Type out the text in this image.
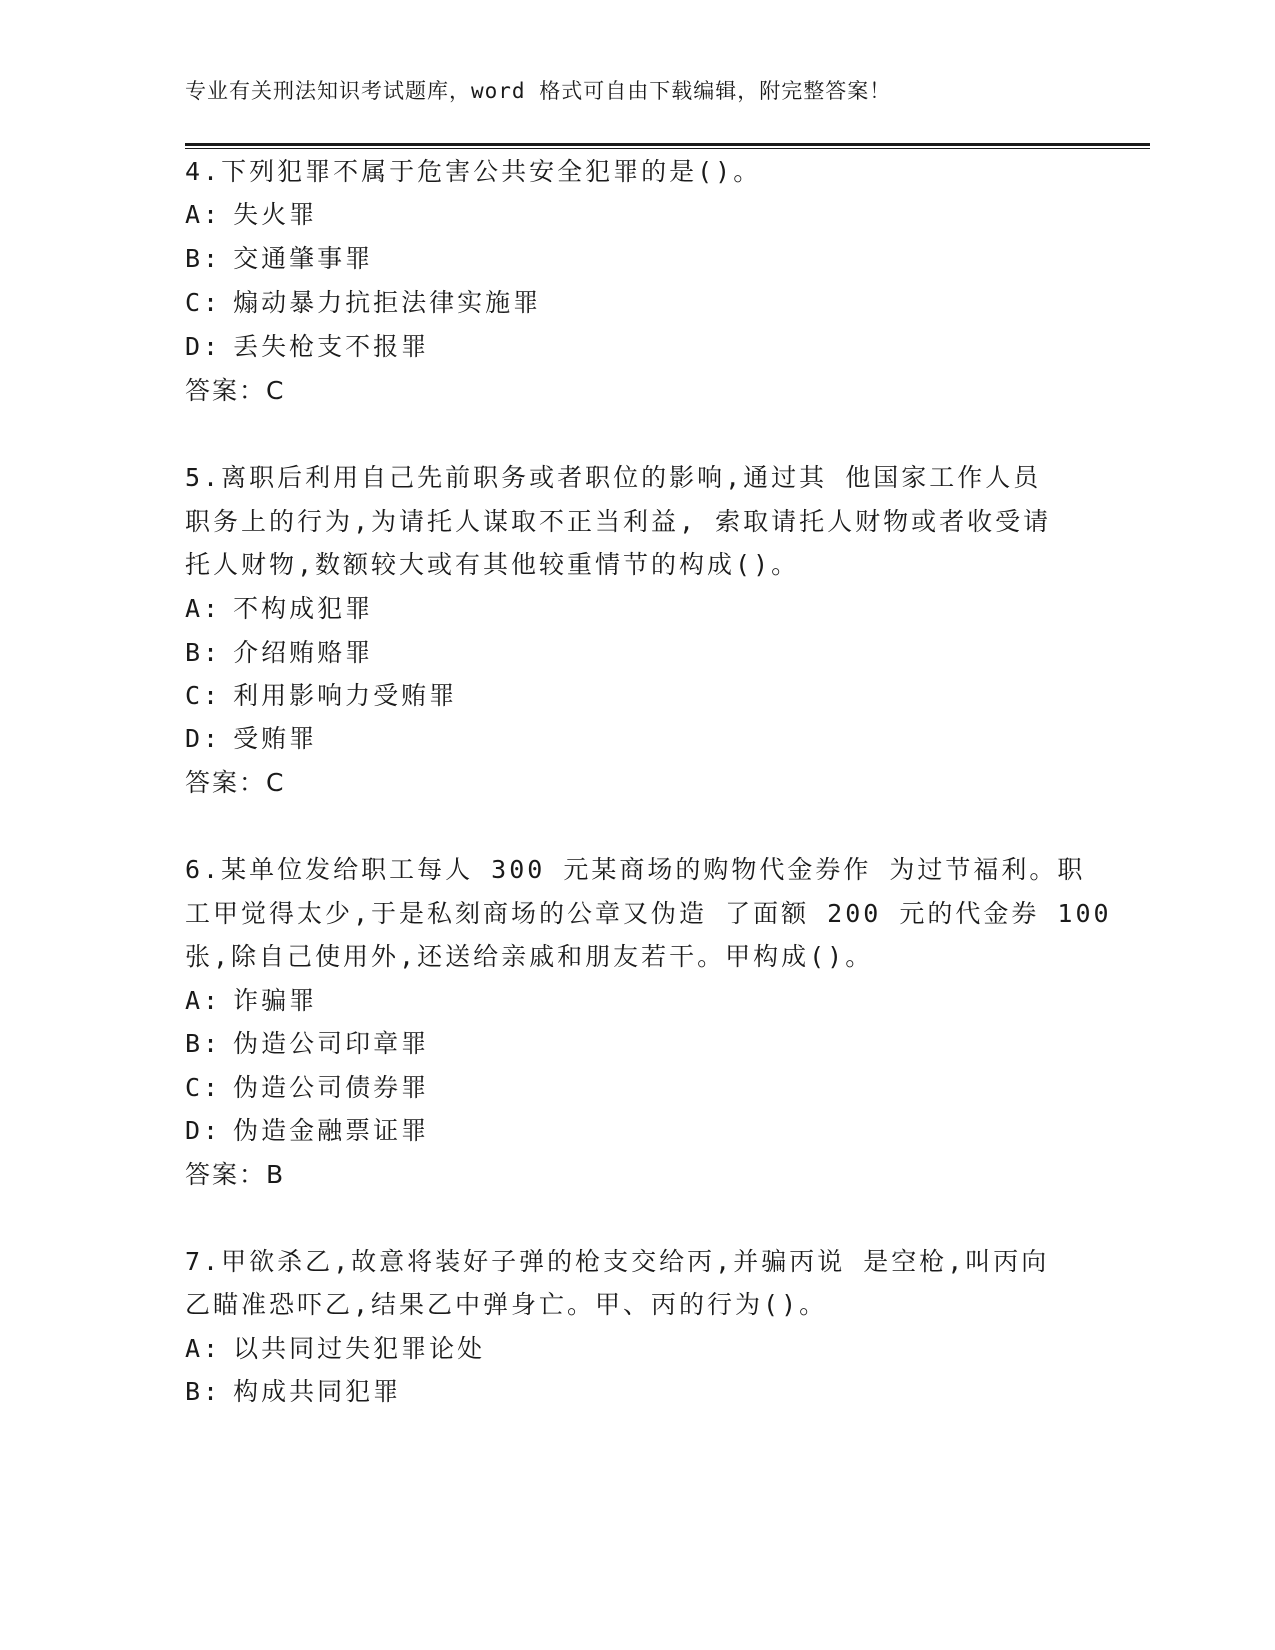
专业有关刑法知识考试题库，word 格式可自由下载编辑，附完整答案！
4.下列犯罪不属于危害公共安全犯罪的是()。
A: 失火罪
B: 交通肇事罪
C: 煽动暴力抗拒法律实施罪
D: 丢失枪支不报罪
答案：C
5.离职后利用自己先前职务或者职位的影响,通过其 他国家工作人员
职务上的行为,为请托人谋取不正当利益, 索取请托人财物或者收受请
托人财物,数额较大或有其他较重情节的构成()。
A: 不构成犯罪
B: 介绍贿赂罪
C: 利用影响力受贿罪
D: 受贿罪
答案：C
6.某单位发给职工每人 300 元某商场的购物代金券作 为过节福利。职
工甲觉得太少,于是私刻商场的公章又伪造 了面额 200 元的代金券 100
张,除自己使用外,还送给亲戚和朋友若干。甲构成()。
A: 诈骗罪
B: 伪造公司印章罪
C: 伪造公司债券罪
D: 伪造金融票证罪
答案：B
7.甲欲杀乙,故意将装好子弹的枪支交给丙,并骗丙说 是空枪,叫丙向
乙瞄准恐吓乙,结果乙中弹身亡。甲、丙的行为()。
A: 以共同过失犯罪论处
B: 构成共同犯罪
